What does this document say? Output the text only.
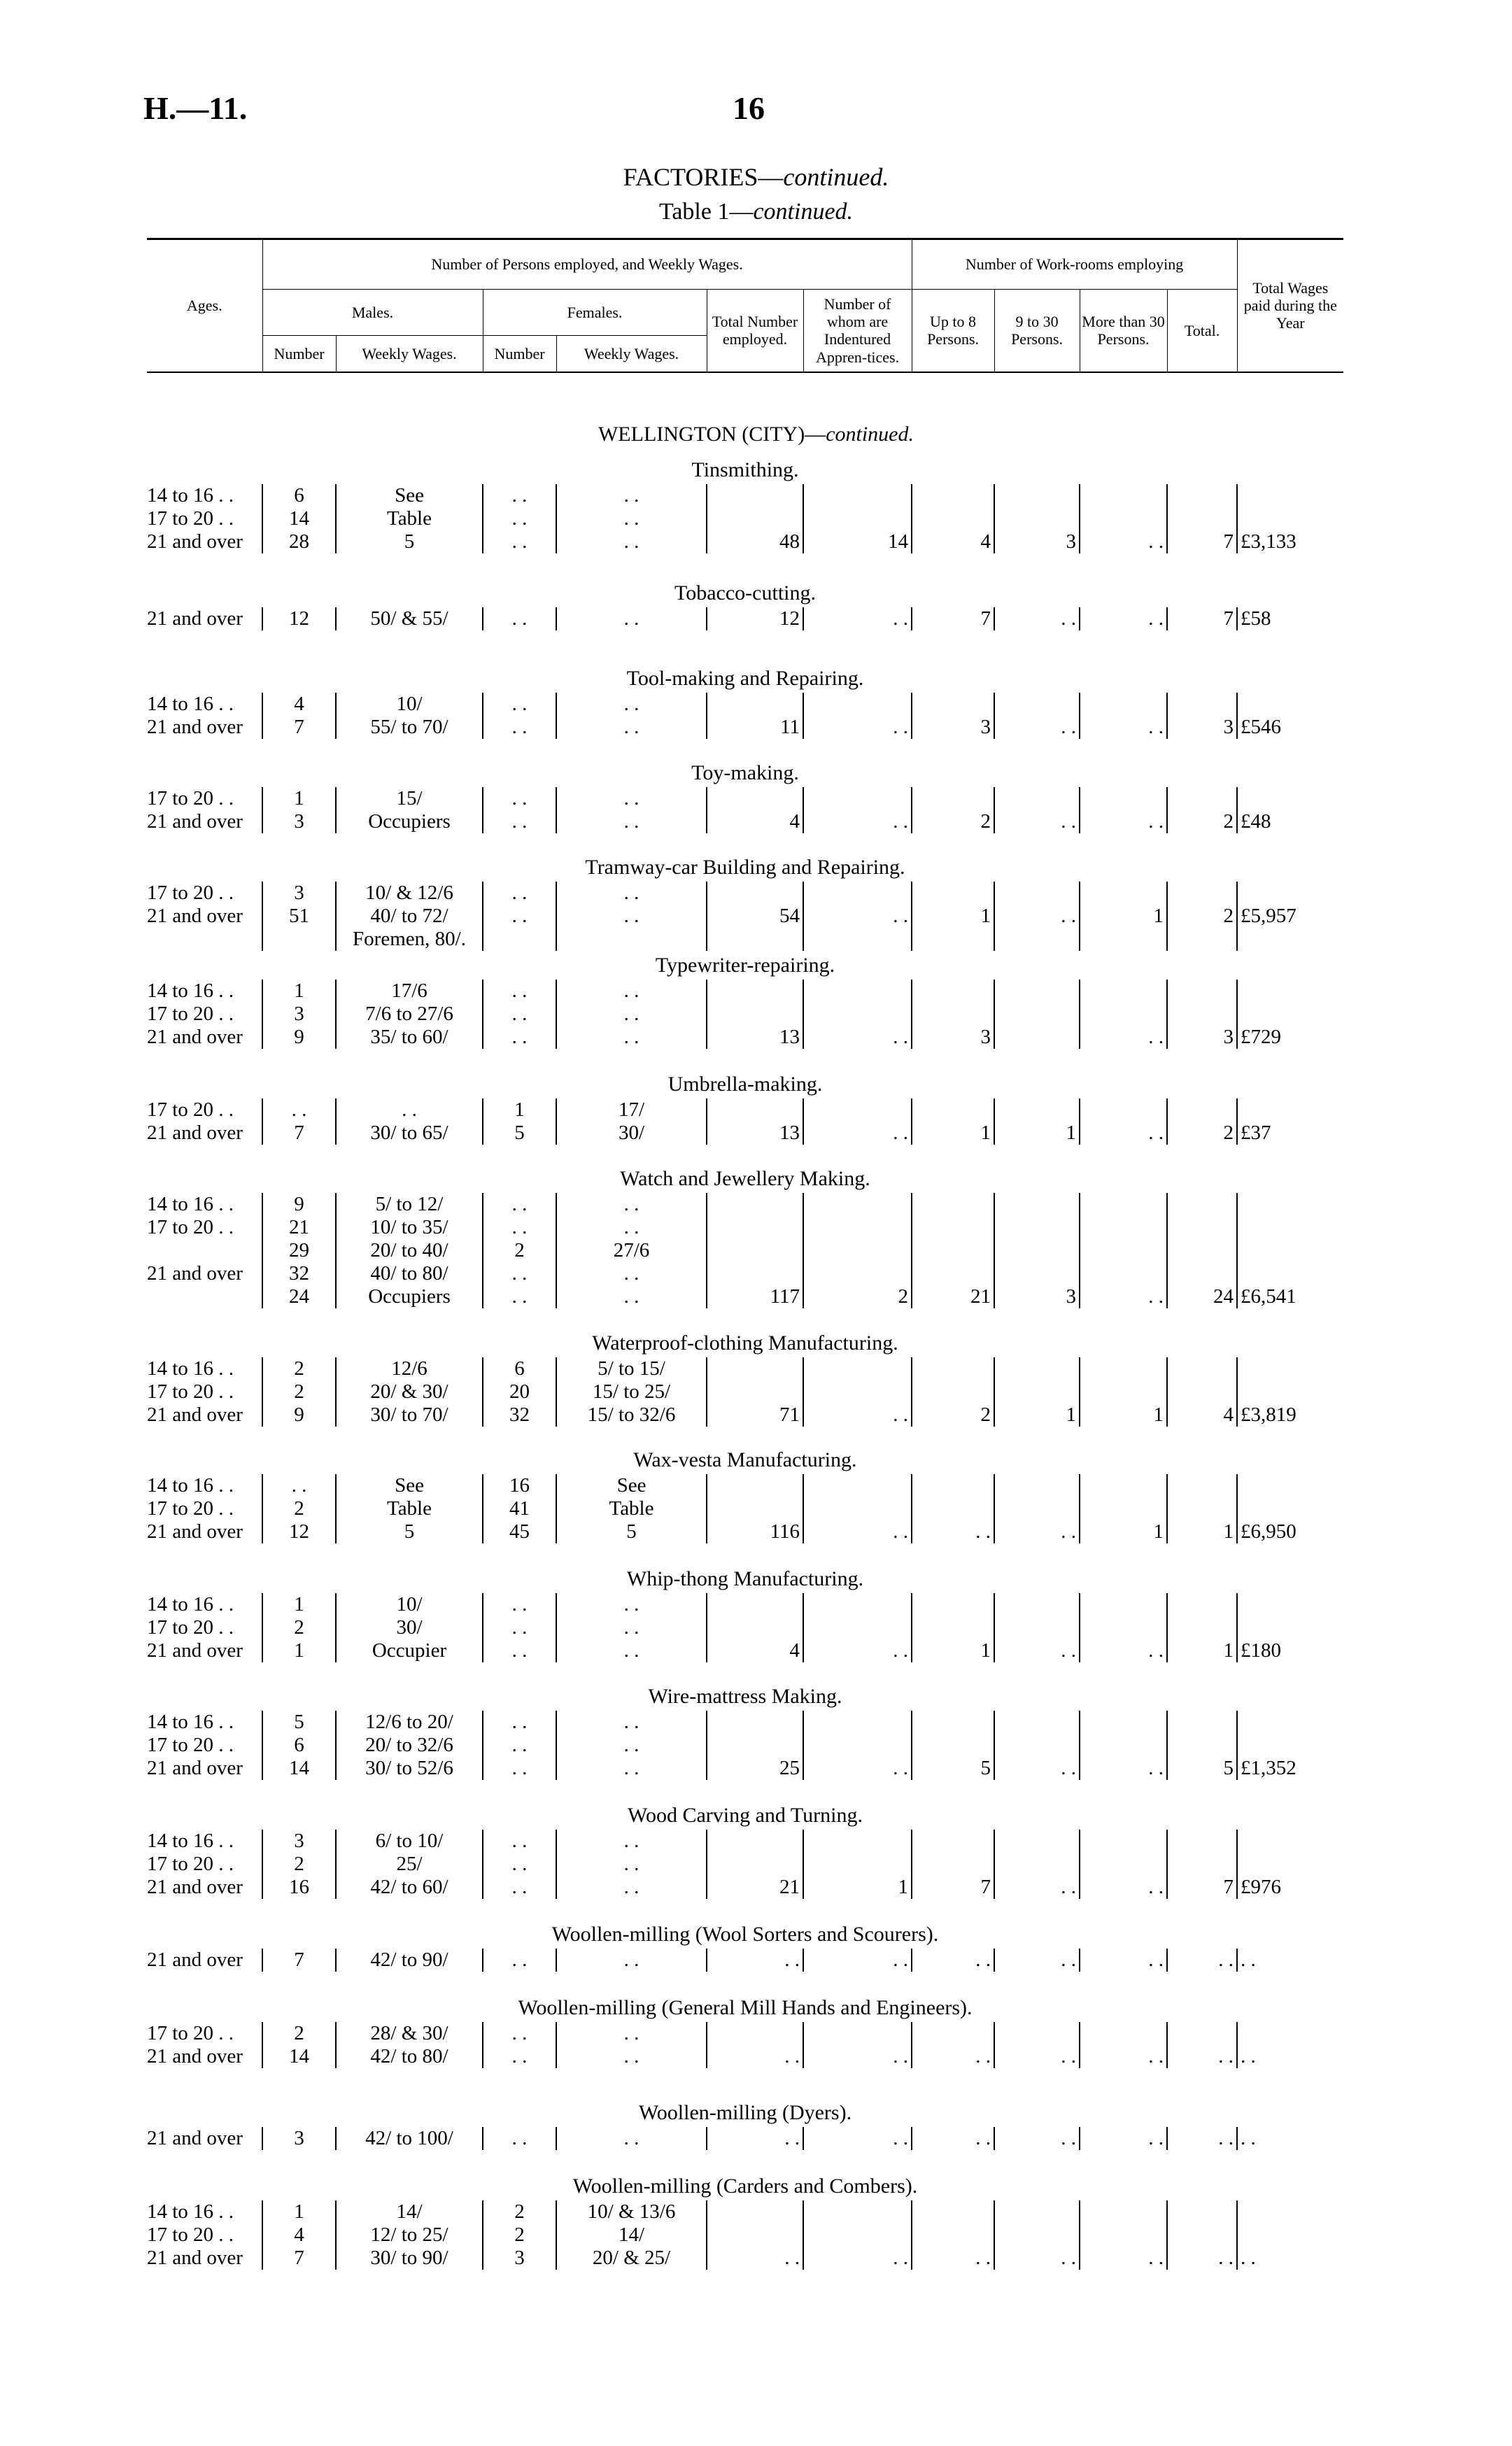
H.—11.	16
FACTORIES—continued.
Table 1—continued.
Ages.	Number of Persons employed, and Weekly Wages.						Number of Work-rooms employing				Total Wages paid during the Year
	Males.		Females.		Total Number employed.	Number of whom are Indentured Appren-tices.	Up to 8 Persons.	9 to 30 Persons.	More than 30 Persons.	Total.	
	Number	Weekly Wages.	Number	Weekly Wages.							
WELLINGTON (CITY)—continued.
Tinsmithing.
14 to 16 . .	6	See	. .	. .							
17 to 20 . .	14	Table	. .	. .							
21 and over	28	5	. .	. .	48	14	4	3	. .	7	£3,133
Tobacco-cutting.
21 and over	12	50/ & 55/	. .	. .	12	. .	7	. .	. .	7	£58
Tool-making and Repairing.
14 to 16 . .	4	10/	. .	. .							
21 and over	7	55/ to 70/	. .	. .	11	. .	3	. .	. .	3	£546
Toy-making.
17 to 20 . .	1	15/	. .	. .							
21 and over	3	Occupiers	. .	. .	4	. .	2	. .	. .	2	£48
Tramway-car Building and Repairing.
17 to 20 . .	3	10/ & 12/6	. .	. .							
21 and over	51	40/ to 72/	. .	. .	54	. .	1	. .	1	2	£5,957
		Foremen, 80/.									
Typewriter-repairing.
14 to 16 . .	1	17/6	. .	. .							
17 to 20 . .	3	7/6 to 27/6	. .	. .							
21 and over	9	35/ to 60/	. .	. .	13	. .	3		. .	3	£729
Umbrella-making.
17 to 20 . .	. .	. .	1	17/							
21 and over	7	30/ to 65/	5	30/	13	. .	1	1	. .	2	£37
Watch and Jewellery Making.
14 to 16 . .	9	5/ to 12/	. .	. .							
17 to 20 . .	21	10/ to 35/	. .	. .							
	29	20/ to 40/	2	27/6							
21 and over	32	40/ to 80/	. .	. .							
	24	Occupiers	. .	. .	117	2	21	3	. .	24	£6,541
Waterproof-clothing Manufacturing.
14 to 16 . .	2	12/6	6	5/ to 15/							
17 to 20 . .	2	20/ & 30/	20	15/ to 25/							
21 and over	9	30/ to 70/	32	15/ to 32/6	71	. .	2	1	1	4	£3,819
Wax-vesta Manufacturing.
14 to 16 . .	. .	See	16	See							
17 to 20 . .	2	Table	41	Table							
21 and over	12	5	45	5	116	. .	. .	. .	1	1	£6,950
Whip-thong Manufacturing.
14 to 16 . .	1	10/	. .	. .							
17 to 20 . .	2	30/	. .	. .							
21 and over	1	Occupier	. .	. .	4	. .	1	. .	. .	1	£180
Wire-mattress Making.
14 to 16 . .	5	12/6 to 20/	. .	. .							
17 to 20 . .	6	20/ to 32/6	. .	. .							
21 and over	14	30/ to 52/6	. .	. .	25	. .	5	. .	. .	5	£1,352
Wood Carving and Turning.
14 to 16 . .	3	6/ to 10/	. .	. .							
17 to 20 . .	2	25/	. .	. .							
21 and over	16	42/ to 60/	. .	. .	21	1	7	. .	. .	7	£976
Woollen-milling (Wool Sorters and Scourers).
21 and over	7	42/ to 90/	. .	. .	. .	. .	. .	. .	. .	. .	. .
Woollen-milling (General Mill Hands and Engineers).
17 to 20 . .	2	28/ & 30/	. .	. .							
21 and over	14	42/ to 80/	. .	. .	. .	. .	. .	. .	. .	. .	. .
Woollen-milling (Dyers).
21 and over	3	42/ to 100/	. .	. .	. .	. .	. .	. .	. .	. .	. .
Woollen-milling (Carders and Combers).
14 to 16 . .	1	14/	2	10/ & 13/6							
17 to 20 . .	4	12/ to 25/	2	14/							
21 and over	7	30/ to 90/	3	20/ & 25/	. .	. .	. .	. .	. .	. .	. .
